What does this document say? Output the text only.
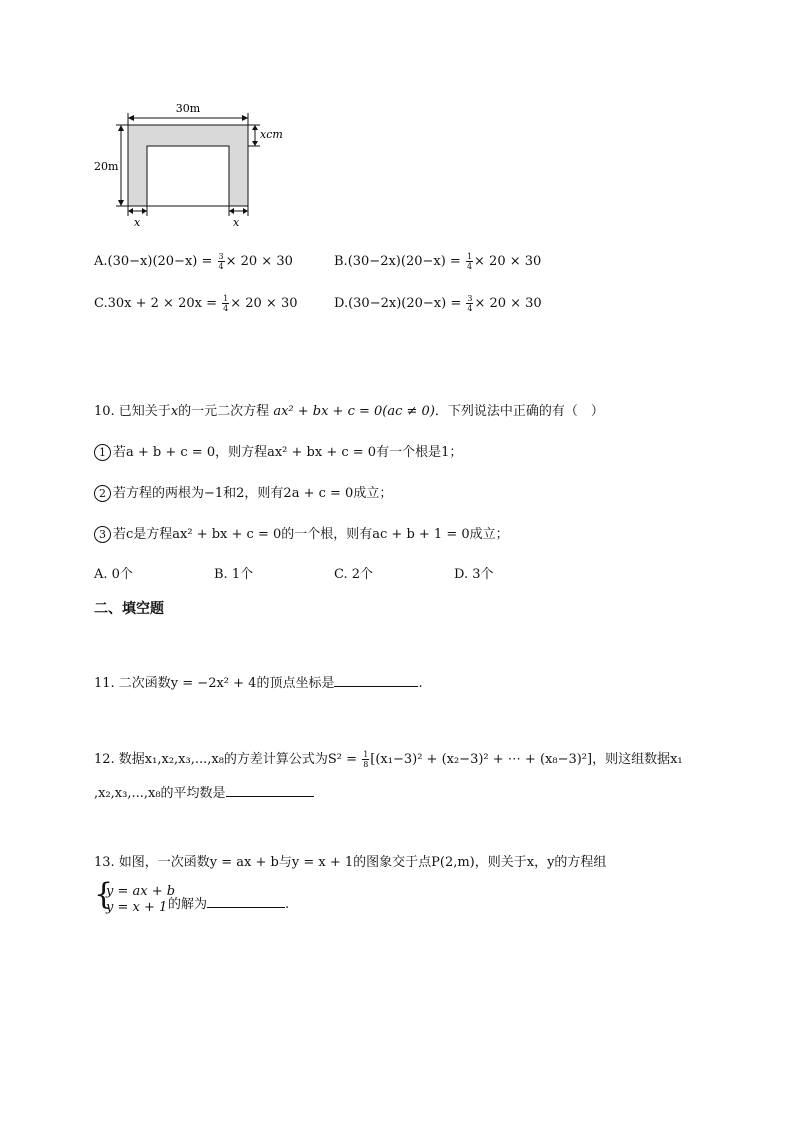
30m
20m
xcm
x	x
$A.(30-x)(20-x) = \frac{3}{4} \times 20 \times 30$	$B.(30-2x)(20-x) = \frac{1}{4} \times 20 \times 30$
$C.30x + 2 \times 20x = \frac{1}{4} \times 20 \times 30$	$D.(30-2x)(20-x) = \frac{3}{4} \times 20 \times 30$
10. 已知关于x的一元二次方程 ax² + bx + c = 0(ac ≠ 0)．下列说法中正确的有（　）
1 若a + b + c = 0，则方程ax² + bx + c = 0有一个根是1；
2 若方程的两根为−1和2，则有2a + c = 0成立；
3 若c是方程ax² + bx + c = 0的一个根，则有ac + b + 1 = 0成立；
A. 0个	B. 1个	C. 2个	D. 3个
二、填空题
11. 二次函数y = −2x² + 4的顶点坐标是	.
12. 数据x₁,x₂,x₃,...,x₈的方差计算公式为$S^2 = \frac{1}{8} [(x_1-3)^2 + (x_2-3)^2$ + ⋯ + (x₈−3)²]，则这组数据x₁
,x₂,x₃,...,x₈的平均数是
13. 如图，一次函数y = ax + b与y = x + 1的图象交于点P(2,m)，则关于x，y的方程组
{
y = ax + b
y = x + 1 的解为	.
